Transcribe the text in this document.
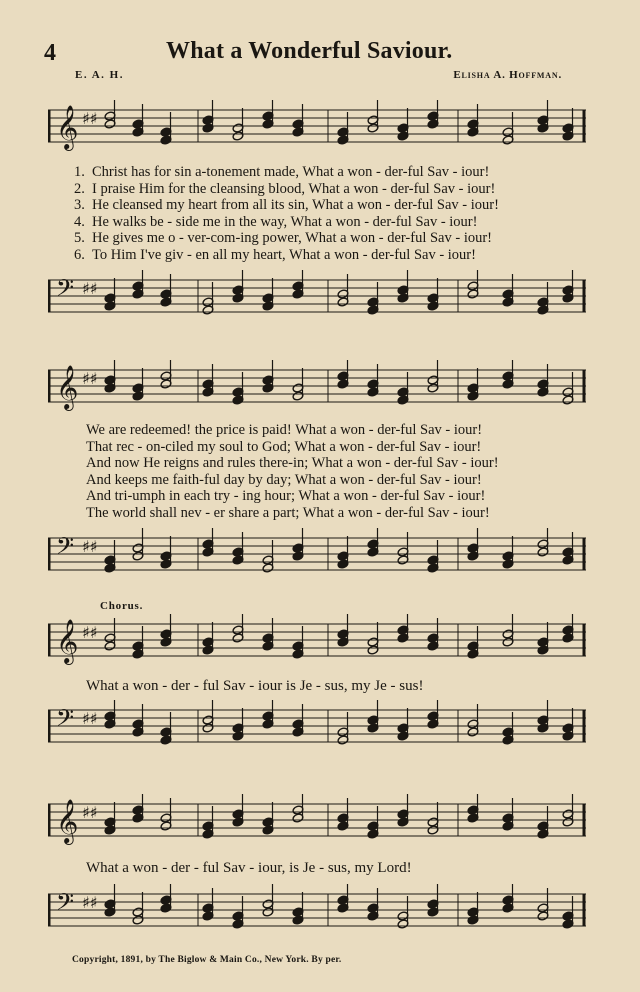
4	What a Wonderful Saviour.
E. A. H.	Elisha A. Hoffman.
𝄞 ♯♯
1. Christ has for sin a-tonement made, What a won - der-ful Sav - iour!
2. I praise Him for the cleansing blood, What a won - der-ful Sav - iour!
3. He cleansed my heart from all its sin, What a won - der-ful Sav - iour!
4. He walks be - side me in the way, What a won - der-ful Sav - iour!
5. He gives me o - ver-com-ing power, What a won - der-ful Sav - iour!
6. To Him I've giv - en all my heart, What a won - der-ful Sav - iour!
𝄢 ♯♯
𝄞 ♯♯
We are redeemed! the price is paid! What a won - der-ful Sav - iour!
That rec - on-ciled my soul to God; What a won - der-ful Sav - iour!
And now He reigns and rules there-in; What a won - der-ful Sav - iour!
And keeps me faith-ful day by day; What a won - der-ful Sav - iour!
And tri-umph in each try - ing hour; What a won - der-ful Sav - iour!
The world shall nev - er share a part; What a won - der-ful Sav - iour!
𝄢 ♯♯
Chorus.
𝄞 ♯♯
What a won - der - ful Sav - iour is Je - sus, my Je - sus!
𝄢 ♯♯
𝄞 ♯♯
What a won - der - ful Sav - iour, is Je - sus, my Lord!
𝄢 ♯♯
Copyright, 1891, by The Biglow & Main Co., New York. By per.
